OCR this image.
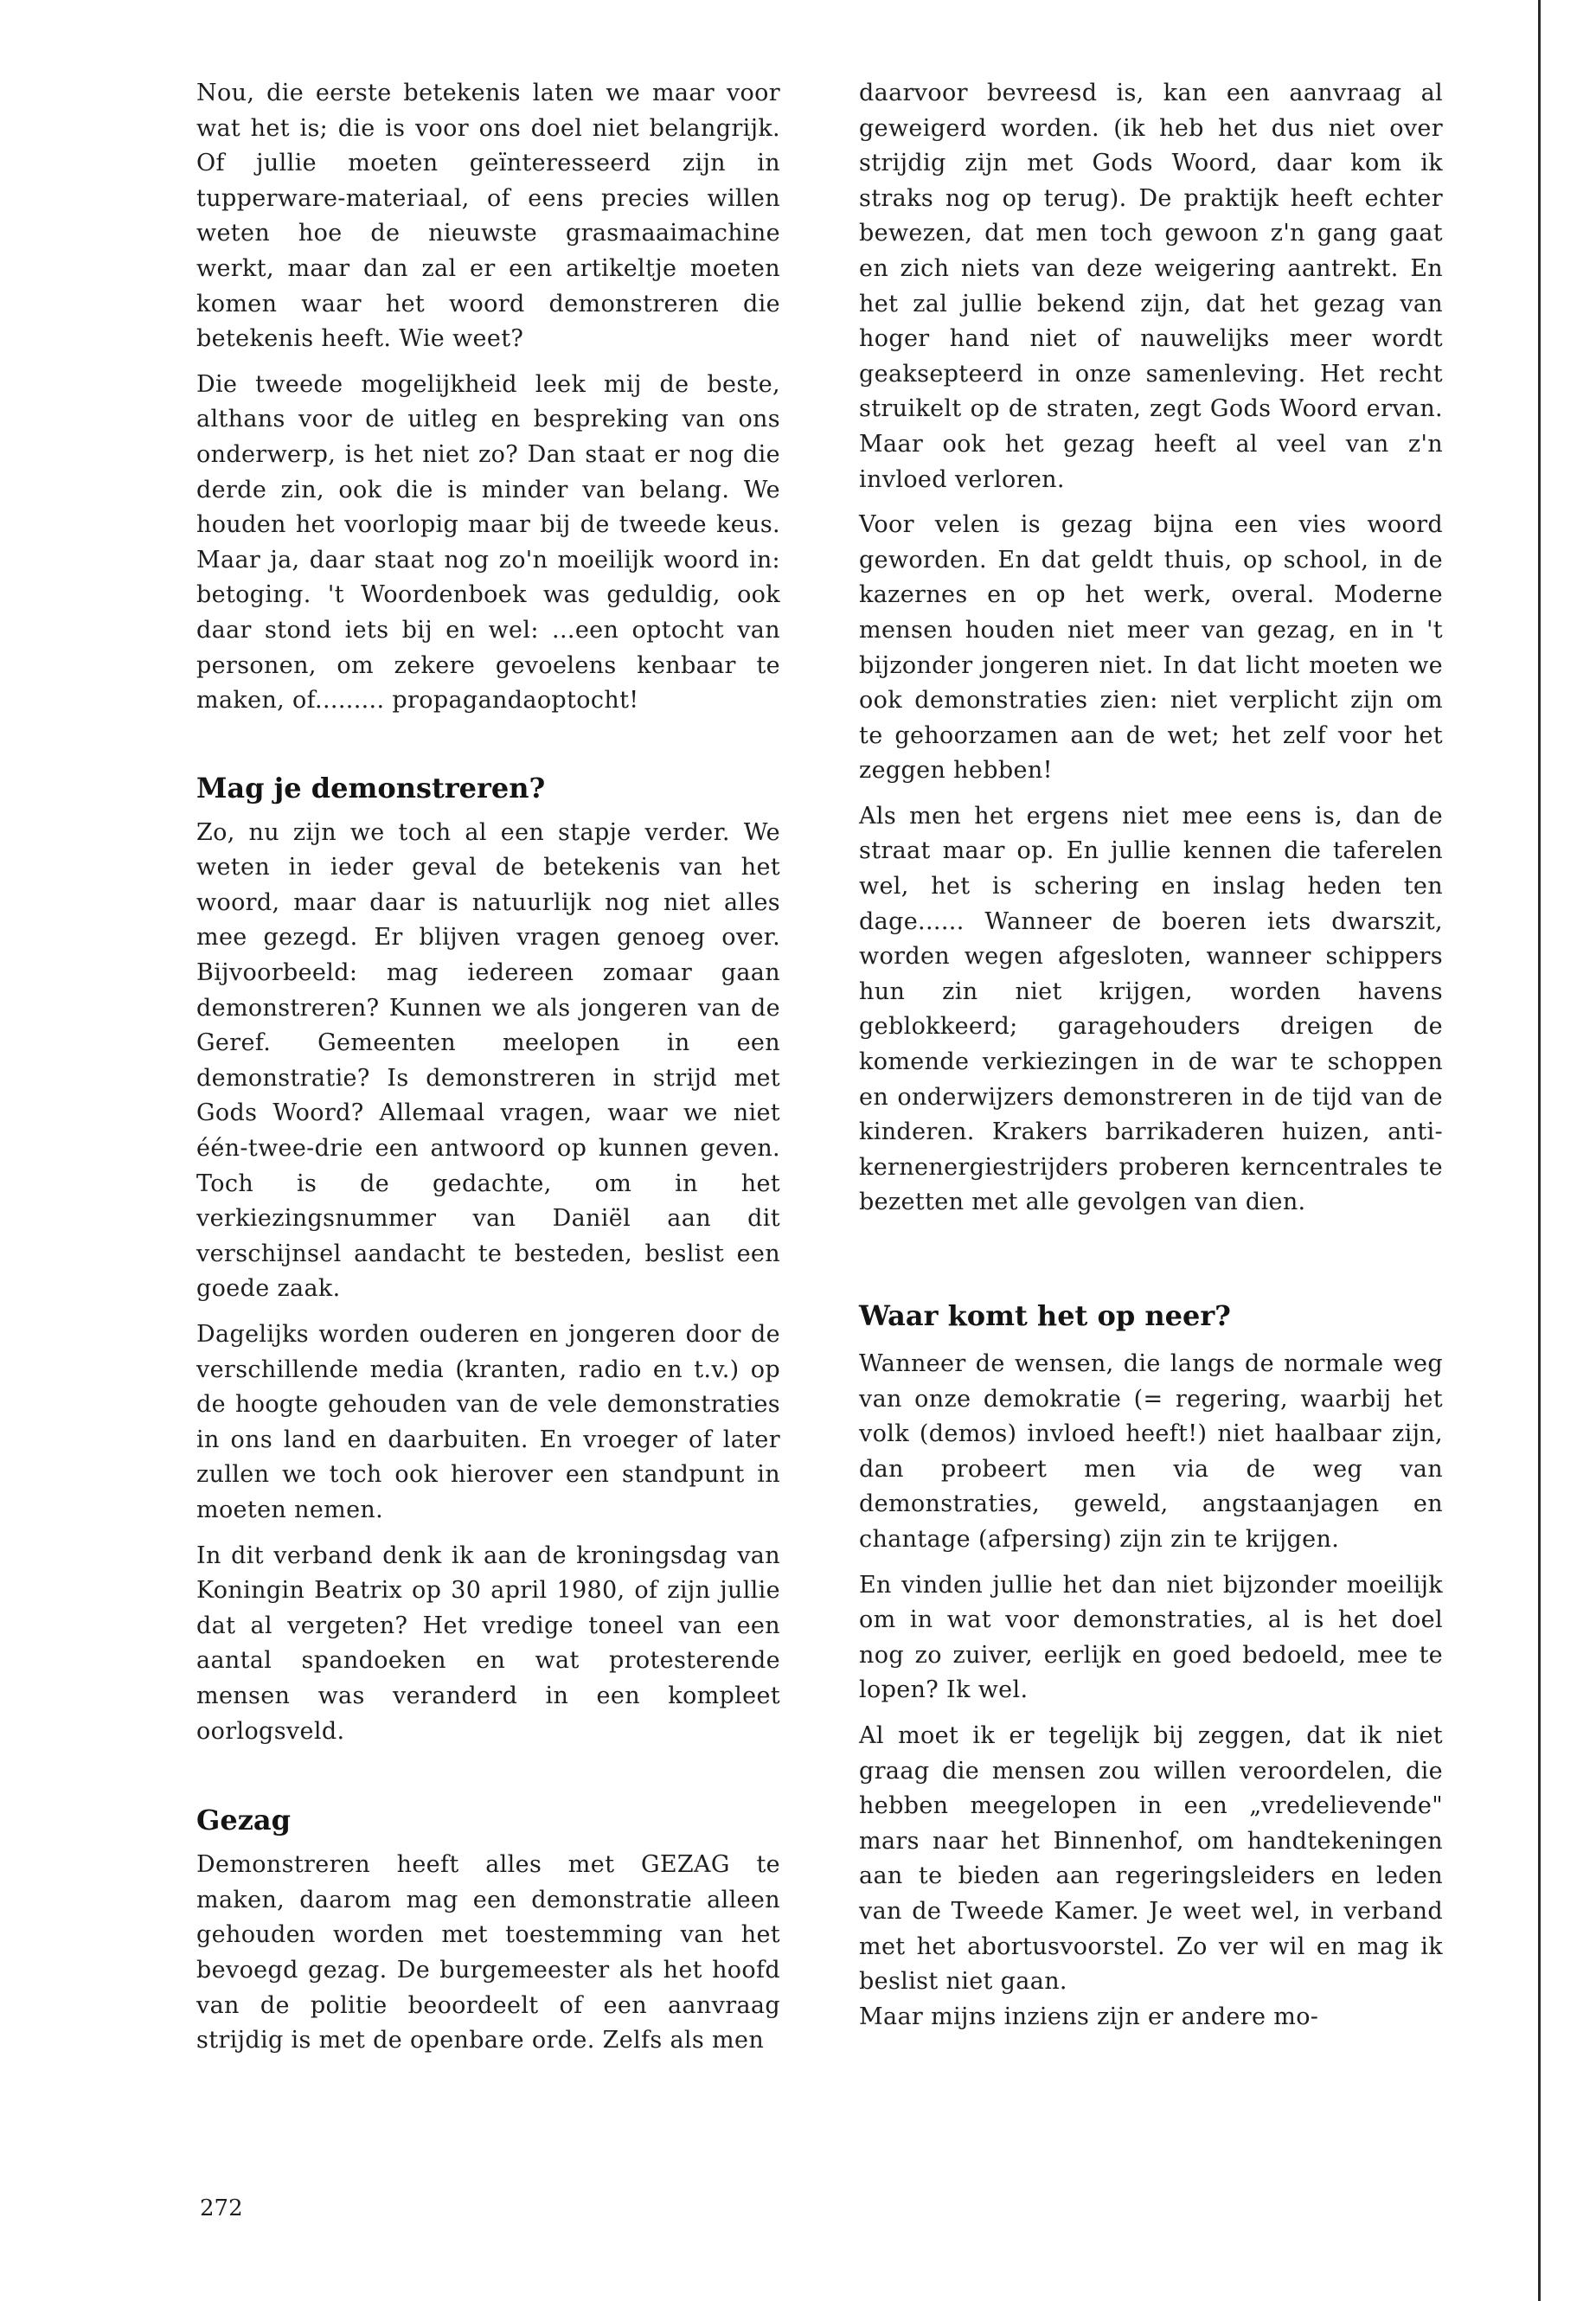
Nou, die eerste betekenis laten we maar voor wat het is; die is voor ons doel niet belangrijk. Of jullie moeten geïnteresseerd zijn in tupperware-materiaal, of eens precies willen weten hoe de nieuwste grasmaaimachine werkt, maar dan zal er een artikeltje moeten komen waar het woord demonstreren die betekenis heeft. Wie weet?

Die tweede mogelijkheid leek mij de beste, althans voor de uitleg en bespreking van ons onderwerp, is het niet zo? Dan staat er nog die derde zin, ook die is minder van belang. We houden het voorlopig maar bij de tweede keus. Maar ja, daar staat nog zo'n moeilijk woord in: betoging. 't Woordenboek was geduldig, ook daar stond iets bij en wel: ...een optocht van personen, om zekere gevoelens kenbaar te maken, of......... propagandaoptocht!

Mag je demonstreren?

Zo, nu zijn we toch al een stapje verder. We weten in ieder geval de betekenis van het woord, maar daar is natuurlijk nog niet alles mee gezegd. Er blijven vragen genoeg over. Bijvoorbeeld: mag iedereen zomaar gaan demonstreren? Kunnen we als jongeren van de Geref. Gemeenten meelopen in een demonstratie? Is demonstreren in strijd met Gods Woord? Allemaal vragen, waar we niet één-twee-drie een antwoord op kunnen geven. Toch is de gedachte, om in het verkiezingsnummer van Daniël aan dit verschijnsel aandacht te besteden, beslist een goede zaak.

Dagelijks worden ouderen en jongeren door de verschillende media (kranten, radio en t.v.) op de hoogte gehouden van de vele demonstraties in ons land en daarbuiten. En vroeger of later zullen we toch ook hierover een standpunt in moeten nemen.

In dit verband denk ik aan de kroningsdag van Koningin Beatrix op 30 april 1980, of zijn jullie dat al vergeten? Het vredige toneel van een aantal spandoeken en wat protesterende mensen was veranderd in een kompleet oorlogsveld.

Gezag

Demonstreren heeft alles met GEZAG te maken, daarom mag een demonstratie alleen gehouden worden met toestemming van het bevoegd gezag. De burgemeester als het hoofd van de politie beoordeelt of een aanvraag strijdig is met de openbare orde. Zelfs als men

daarvoor bevreesd is, kan een aanvraag al geweigerd worden. (ik heb het dus niet over strijdig zijn met Gods Woord, daar kom ik straks nog op terug). De praktijk heeft echter bewezen, dat men toch gewoon z'n gang gaat en zich niets van deze weigering aantrekt. En het zal jullie bekend zijn, dat het gezag van hoger hand niet of nauwelijks meer wordt geaksepteerd in onze samenleving. Het recht struikelt op de straten, zegt Gods Woord ervan. Maar ook het gezag heeft al veel van z'n invloed verloren.

Voor velen is gezag bijna een vies woord geworden. En dat geldt thuis, op school, in de kazernes en op het werk, overal. Moderne mensen houden niet meer van gezag, en in 't bijzonder jongeren niet. In dat licht moeten we ook demonstraties zien: niet verplicht zijn om te gehoorzamen aan de wet; het zelf voor het zeggen hebben!

Als men het ergens niet mee eens is, dan de straat maar op. En jullie kennen die taferelen wel, het is schering en inslag heden ten dage...... Wanneer de boeren iets dwarszit, worden wegen afgesloten, wanneer schippers hun zin niet krijgen, worden havens geblokkeerd; garagehouders dreigen de komende verkiezingen in de war te schoppen en onderwijzers demonstreren in de tijd van de kinderen. Krakers barrikaderen huizen, anti-kernenergiestrijders proberen kerncentrales te bezetten met alle gevolgen van dien.

Waar komt het op neer?

Wanneer de wensen, die langs de normale weg van onze demokratie (= regering, waarbij het volk (demos) invloed heeft!) niet haalbaar zijn, dan probeert men via de weg van demonstraties, geweld, angstaanjagen en chantage (afpersing) zijn zin te krijgen.

En vinden jullie het dan niet bijzonder moeilijk om in wat voor demonstraties, al is het doel nog zo zuiver, eerlijk en goed bedoeld, mee te lopen? Ik wel.

Al moet ik er tegelijk bij zeggen, dat ik niet graag die mensen zou willen veroordelen, die hebben meegelopen in een „vredelievende" mars naar het Binnenhof, om handtekeningen aan te bieden aan regeringsleiders en leden van de Tweede Kamer. Je weet wel, in verband met het abortusvoorstel. Zo ver wil en mag ik beslist niet gaan.

Maar mijns inziens zijn er andere mo-

272
